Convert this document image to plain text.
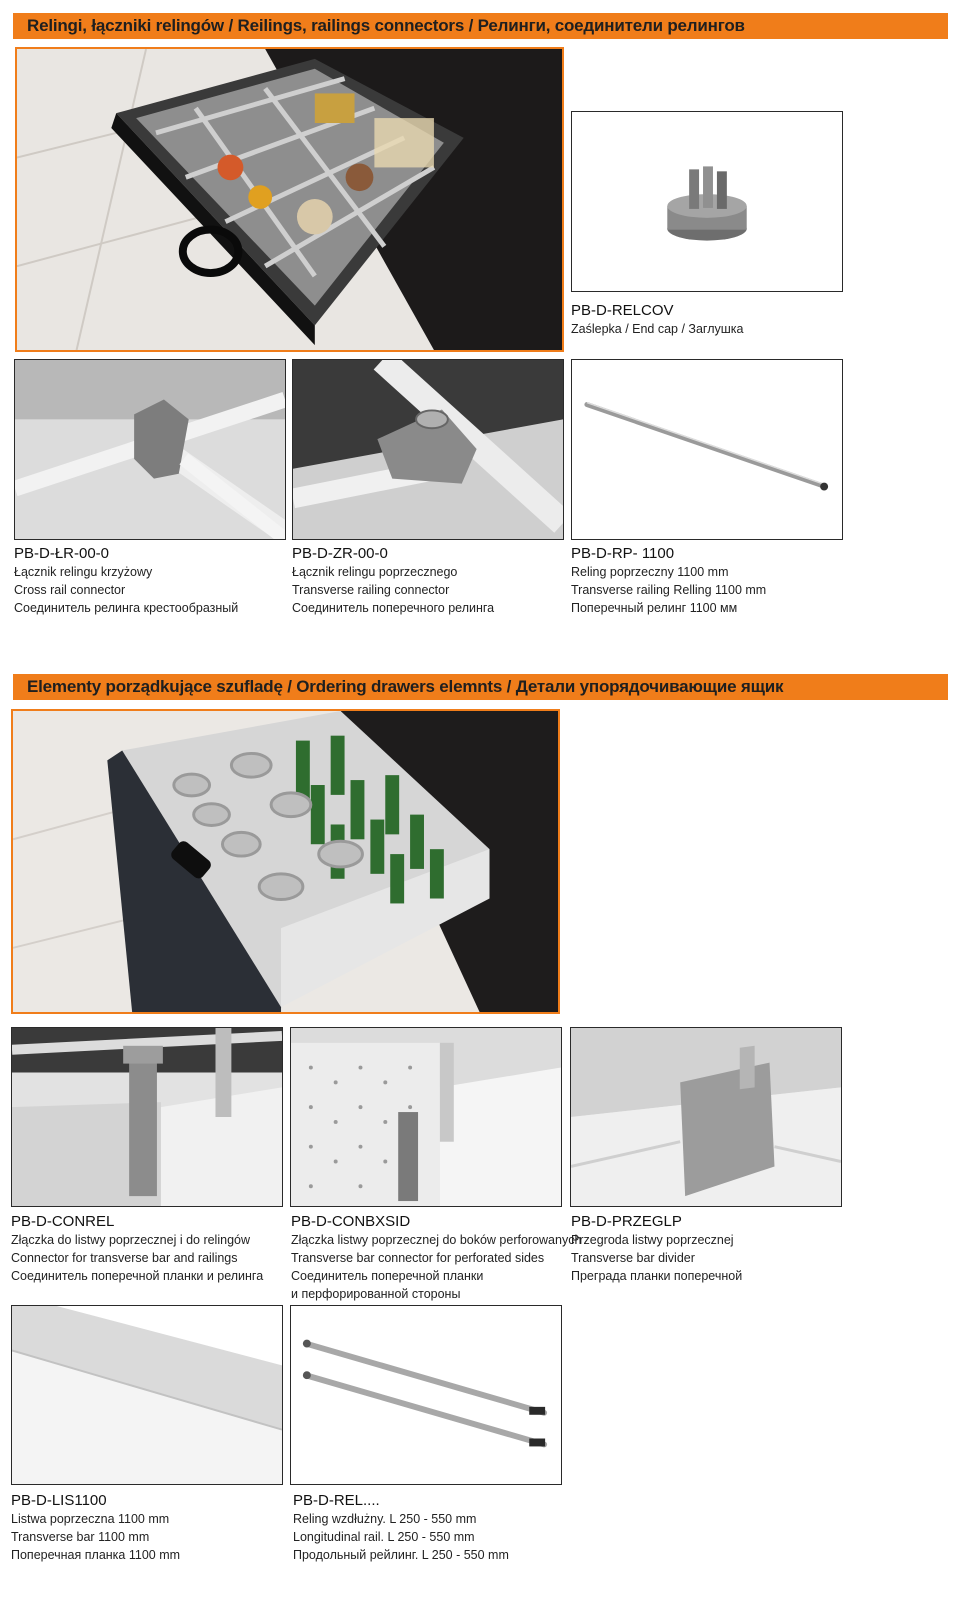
Relingi, łączniki relingów / Reilings, railings connectors / Релинги, соединители релингов
PB-D-RELCOV
Zaślepka / End cap / Заглушка
PB-D-ŁR-00-0
Łącznik relingu krzyżowy
Cross rail connector
Соединитель релинга крестообразный
PB-D-ZR-00-0
Łącznik relingu poprzecznego
Transverse railing connector
Соединитель поперечного релинга
PB-D-RP- 1100
Reling poprzeczny 1100 mm
Transverse railing Relling 1100 mm
Поперечный релинг 1100 мм
Elementy porządkujące szufladę / Ordering drawers elemnts / Детали упорядочивающие ящик
PB-D-CONREL
Złączka do listwy poprzecznej i do relingów
Connector for transverse bar and railings
Соединитель поперечной планки и релинга
PB-D-CONBXSID
Złączka listwy poprzecznej do boków perforowanych
Transverse bar connector for perforated sides
Соединитель поперечной планки
и перфорированной стороны
PB-D-PRZEGLP
Przegroda listwy poprzecznej
Transverse bar divider
Преграда планки поперечной
PB-D-LIS1100
Listwa poprzeczna 1100 mm
Transverse bar 1100 mm
Поперечная планка 1100 mm
PB-D-REL....
Reling wzdłużny. L 250 - 550 mm
Longitudinal rail. L 250 - 550 mm
Продольный рейлинг. L 250 - 550 mm
